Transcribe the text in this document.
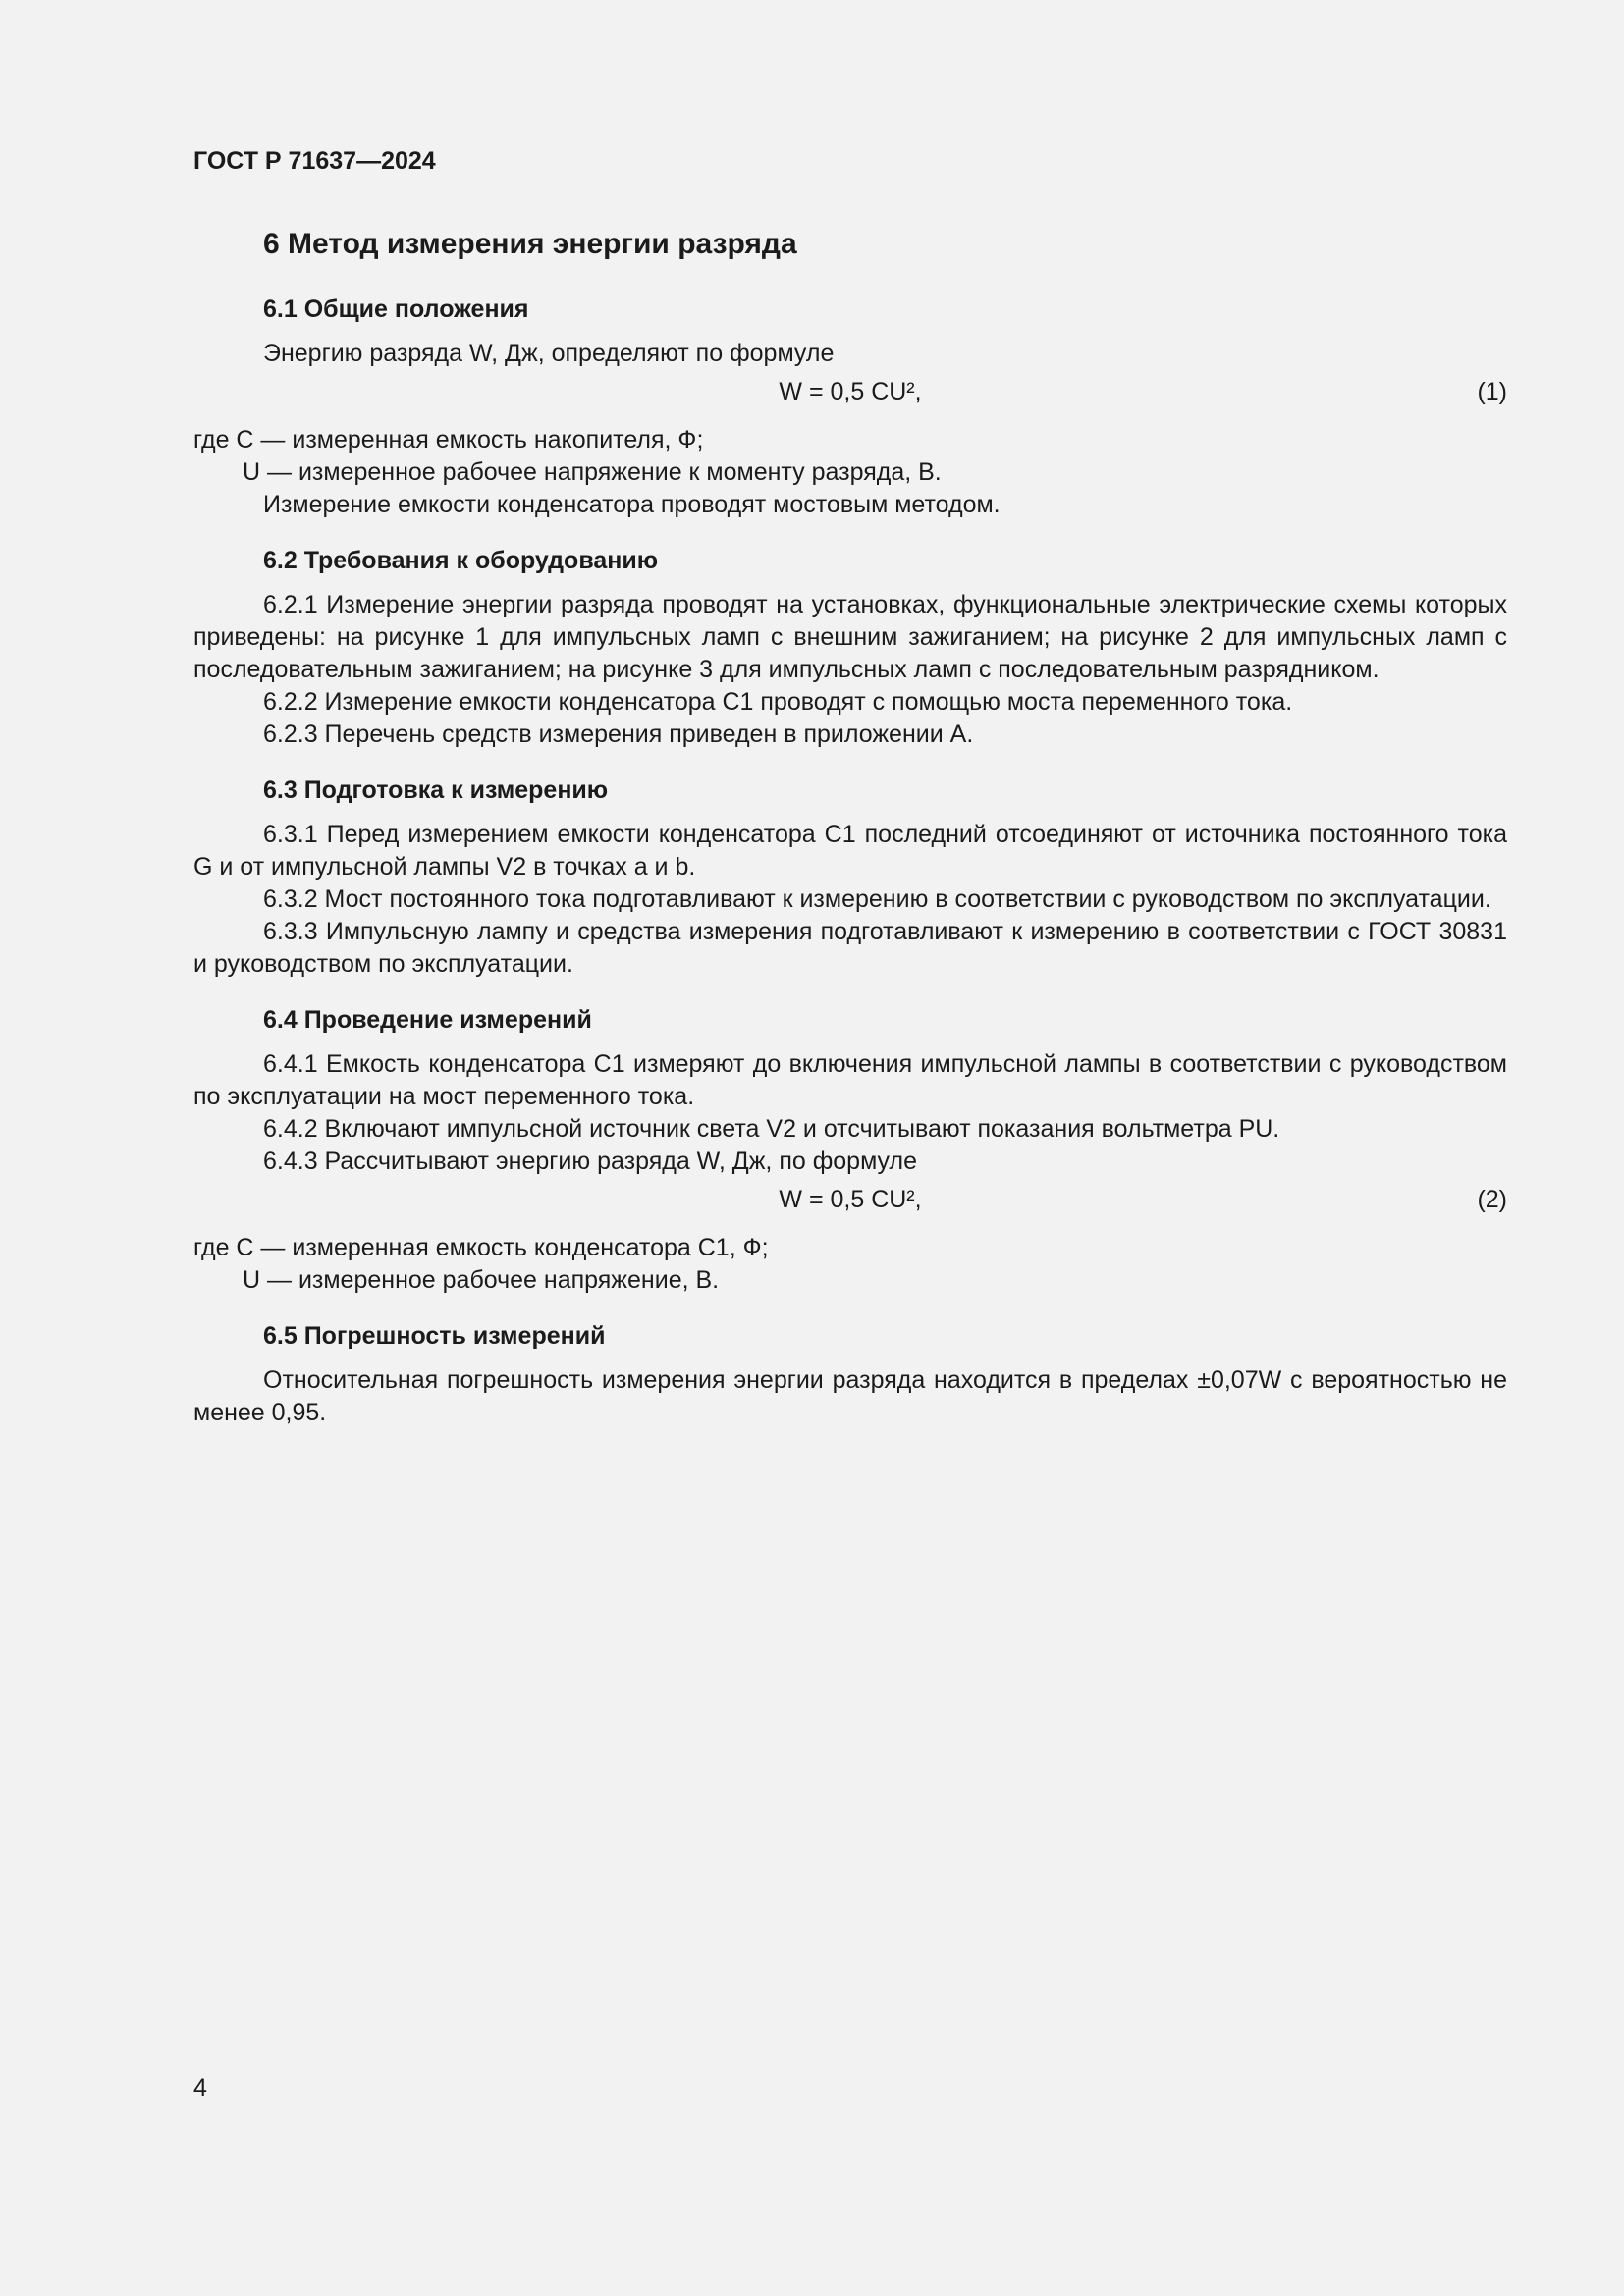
ГОСТ Р 71637—2024
6 Метод измерения энергии разряда
6.1 Общие положения

Энергию разряда W, Дж, определяют по формуле

W = 0,5 CU²,	(1)

где C — измеренная емкость накопителя, Ф;

U — измеренное рабочее напряжение к моменту разряда, В.

Измерение емкости конденсатора проводят мостовым методом.

6.2 Требования к оборудованию

6.2.1 Измерение энергии разряда проводят на установках, функциональные электрические схемы которых приведены: на рисунке 1 для импульсных ламп с внешним зажиганием; на рисунке 2 для импульсных ламп с последовательным зажиганием; на рисунке 3 для импульсных ламп с последовательным разрядником.

6.2.2 Измерение емкости конденсатора С1 проводят с помощью моста переменного тока.

6.2.3 Перечень средств измерения приведен в приложении А.

6.3 Подготовка к измерению

6.3.1 Перед измерением емкости конденсатора С1 последний отсоединяют от источника постоянного тока G и от импульсной лампы V2 в точках a и b.

6.3.2 Мост постоянного тока подготавливают к измерению в соответствии с руководством по эксплуатации.

6.3.3 Импульсную лампу и средства измерения подготавливают к измерению в соответствии с ГОСТ 30831 и руководством по эксплуатации.

6.4 Проведение измерений

6.4.1 Емкость конденсатора С1 измеряют до включения импульсной лампы в соответствии с руководством по эксплуатации на мост переменного тока.

6.4.2 Включают импульсной источник света V2 и отсчитывают показания вольтметра PU.

6.4.3 Рассчитывают энергию разряда W, Дж, по формуле

W = 0,5 CU²,	(2)

где C — измеренная емкость конденсатора С1, Ф;

U — измеренное рабочее напряжение, В.

6.5 Погрешность измерений

Относительная погрешность измерения энергии разряда находится в пределах ±0,07W с вероятностью не менее 0,95.

4
